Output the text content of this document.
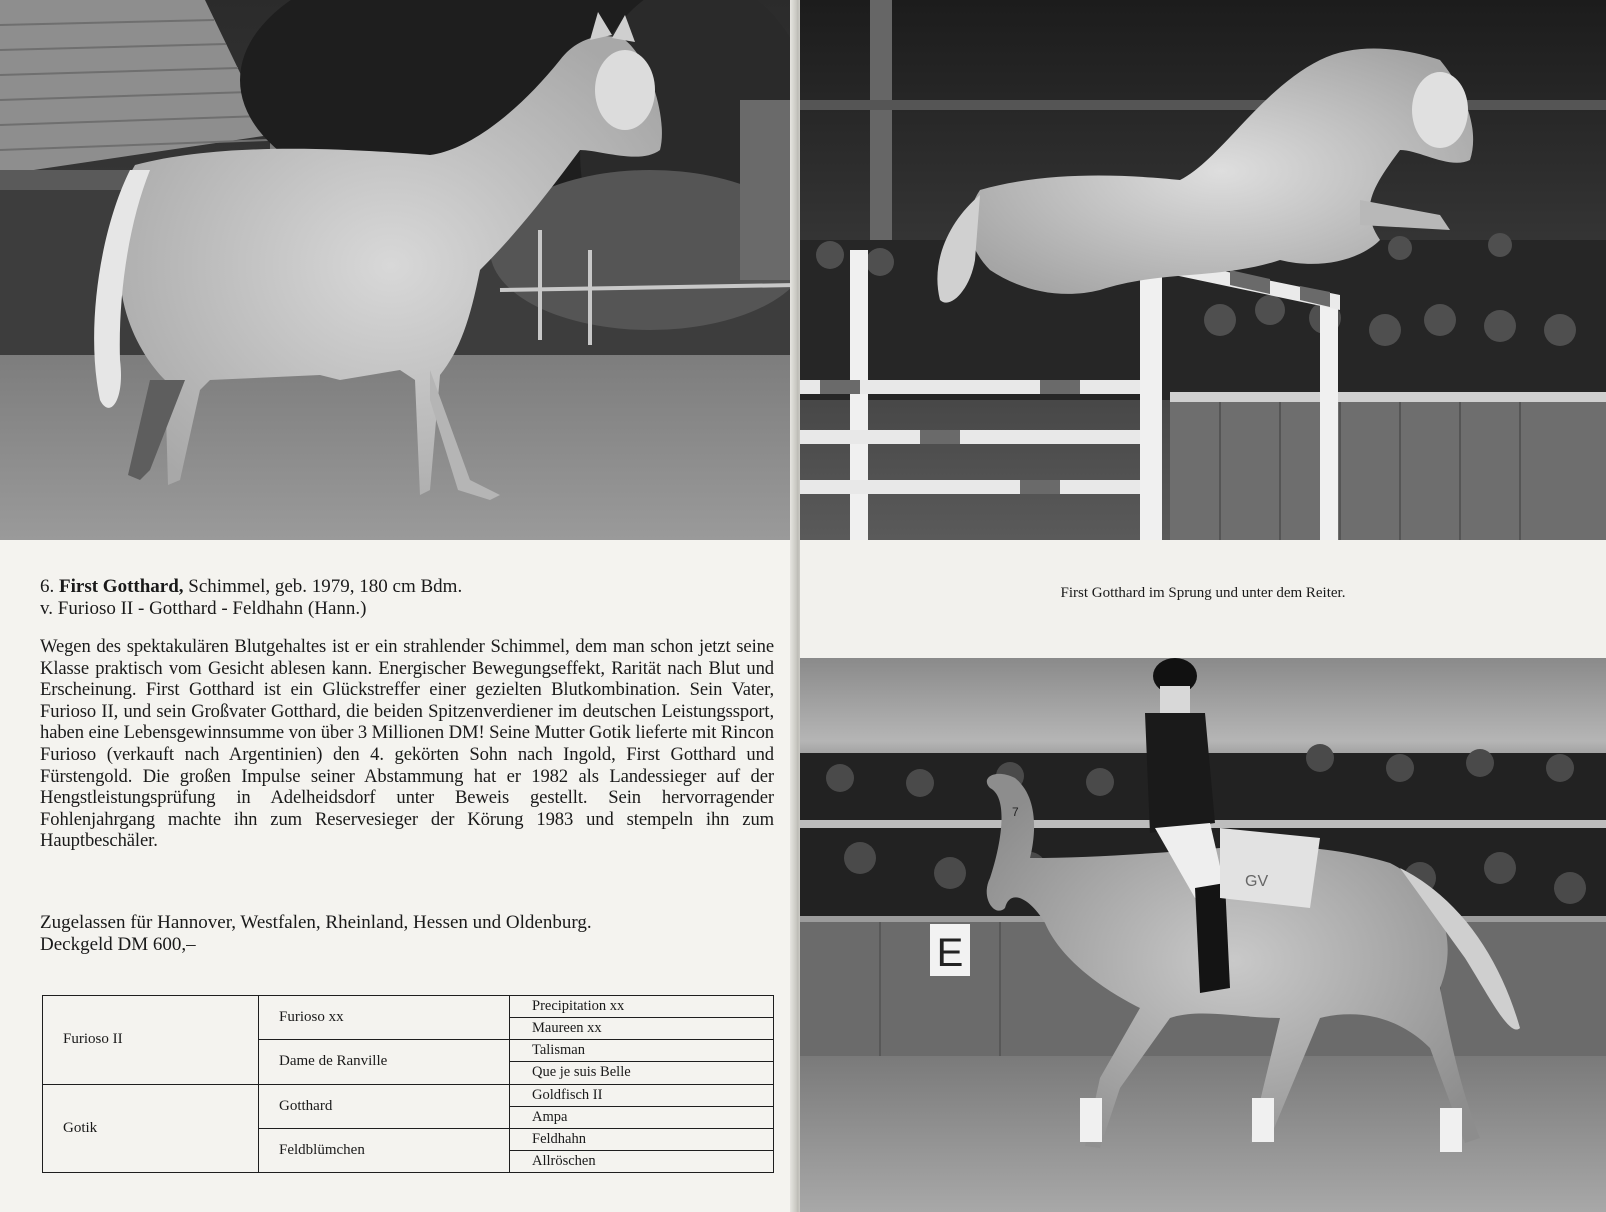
6. First Gotthard, Schimmel, geb. 1979, 180 cm Bdm.
v. Furioso II - Gotthard - Feldhahn (Hann.)

Wegen des spektakulären Blutgehaltes ist er ein strahlender Schimmel, dem man schon jetzt seine Klasse praktisch vom Gesicht ablesen kann. Energischer Bewegungseffekt, Rarität nach Blut und Erscheinung. First Gotthard ist ein Glückstreffer einer gezielten Blutkombination. Sein Vater, Furioso II, und sein Großvater Gotthard, die beiden Spitzenverdiener im deutschen Leistungssport, haben eine Lebensgewinnsumme von über 3 Millionen DM! Seine Mutter Gotik lieferte mit Rincon Furioso (verkauft nach Argentinien) den 4. gekörten Sohn nach Ingold, First Gotthard und Fürstengold. Die großen Impulse seiner Abstammung hat er 1982 als Landessieger auf der Hengstleistungsprüfung in Adelheidsdorf unter Beweis gestellt. Sein hervorragender Fohlenjahrgang machte ihn zum Reservesieger der Körung 1983 und stempeln ihn zum Hauptbeschäler.

Zugelassen für Hannover, Westfalen, Rheinland, Hessen und Oldenburg.
Deckgeld DM 600,–
Furioso II	Furioso xx	Precipitation xx
		Maureen xx
	Dame de Ranville	Talisman
		Que je suis Belle
Gotik	Gotthard	Goldfisch II
		Ampa
	Feldblümchen	Feldhahn
		Allröschen
First Gotthard im Sprung und unter dem Reiter.
E
GV
7
